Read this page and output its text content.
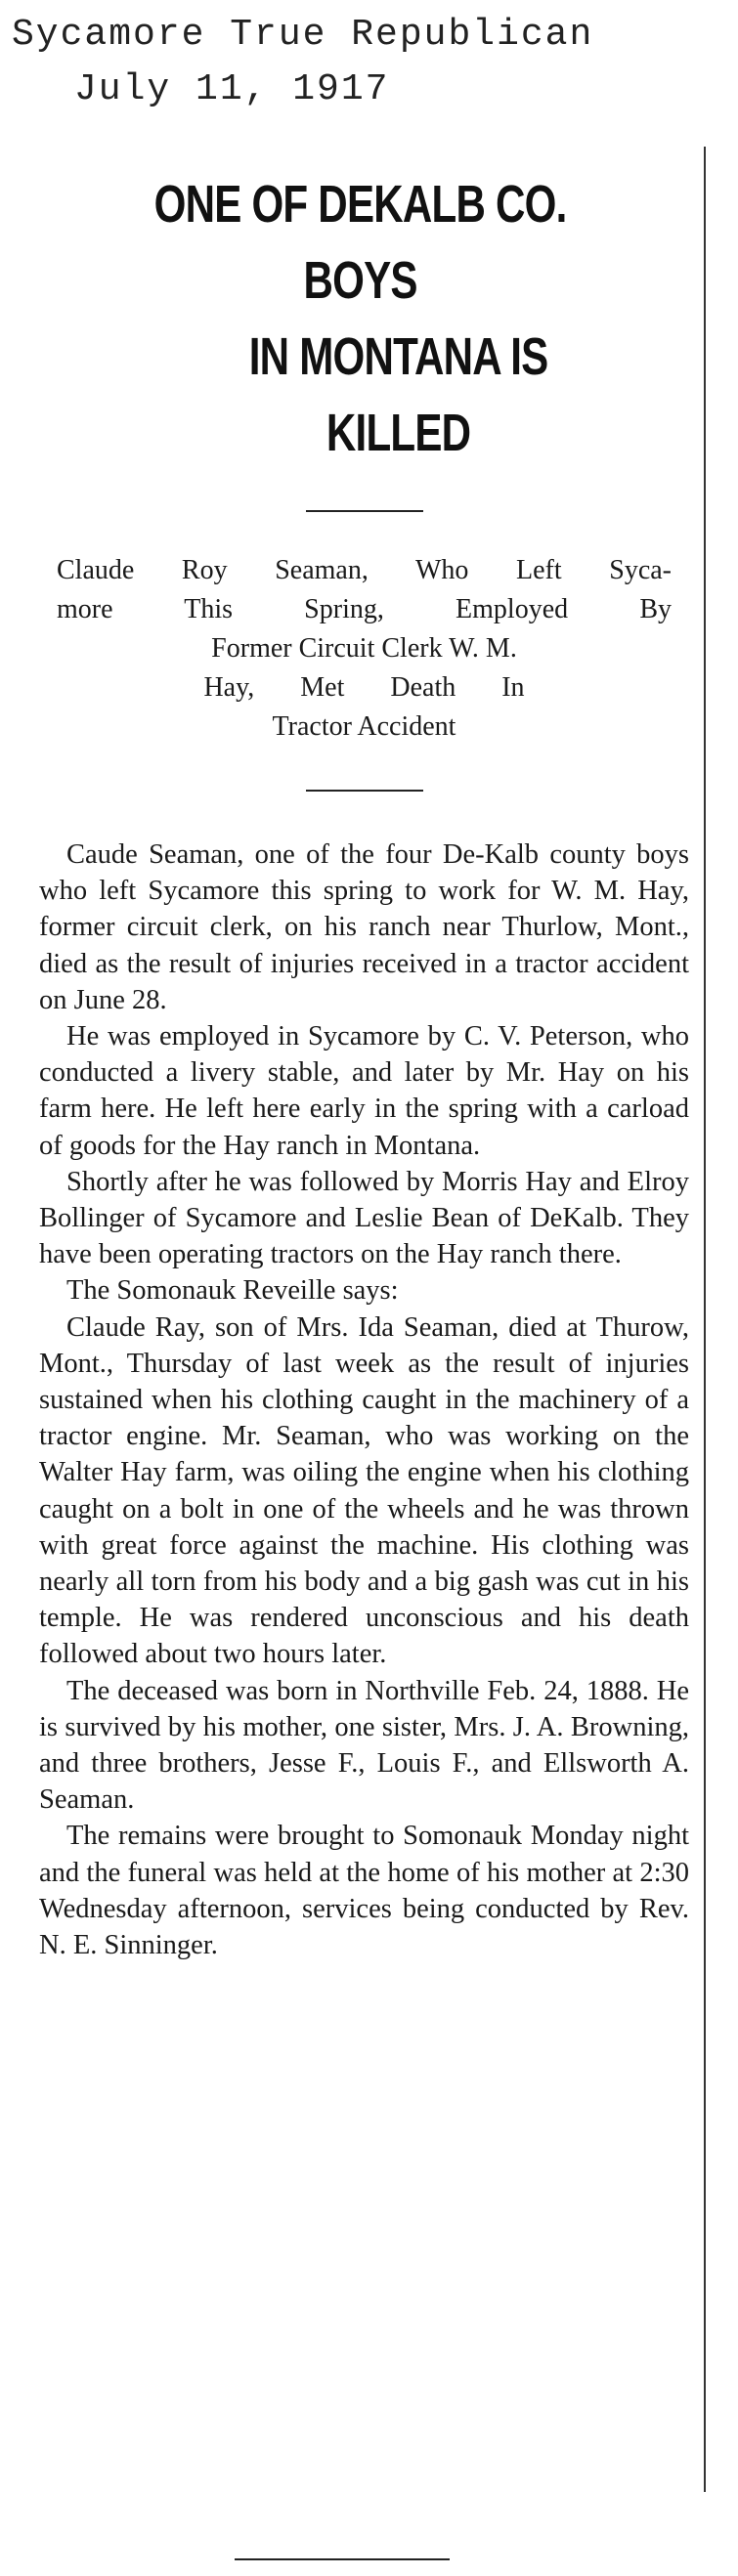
Sycamore True Republican
July 11, 1917
ONE OF DEKALB CO. BOYS
IN MONTANA IS KILLED
Claude Roy Seaman, Who Left Syca-
more This Spring, Employed By
Former Circuit Clerk W. M.
Hay, Met Death In
Tractor Accident

Caude Seaman, one of the four De-Kalb county boys who left Sycamore this spring to work for W. M. Hay, former circuit clerk, on his ranch near Thurlow, Mont., died as the result of injuries received in a tractor accident on June 28.

He was employed in Sycamore by C. V. Peterson, who conducted a livery stable, and later by Mr. Hay on his farm here. He left here early in the spring with a carload of goods for the Hay ranch in Montana.

Shortly after he was followed by Morris Hay and Elroy Bollinger of Sycamore and Leslie Bean of DeKalb. They have been operating tractors on the Hay ranch there.

The Somonauk Reveille says:

Claude Ray, son of Mrs. Ida Seaman, died at Thurow, Mont., Thursday of last week as the result of injuries sustained when his clothing caught in the machinery of a tractor engine. Mr. Seaman, who was working on the Walter Hay farm, was oiling the engine when his clothing caught on a bolt in one of the wheels and he was thrown with great force against the machine. His clothing was nearly all torn from his body and a big gash was cut in his temple. He was rendered unconscious and his death followed about two hours later.

The deceased was born in Northville Feb. 24, 1888. He is survived by his mother, one sister, Mrs. J. A. Browning, and three brothers, Jesse F., Louis F., and Ellsworth A. Seaman.

The remains were brought to Somonauk Monday night and the funeral was held at the home of his mother at 2:30 Wednesday afternoon, services being conducted by Rev. N. E. Sinninger.
